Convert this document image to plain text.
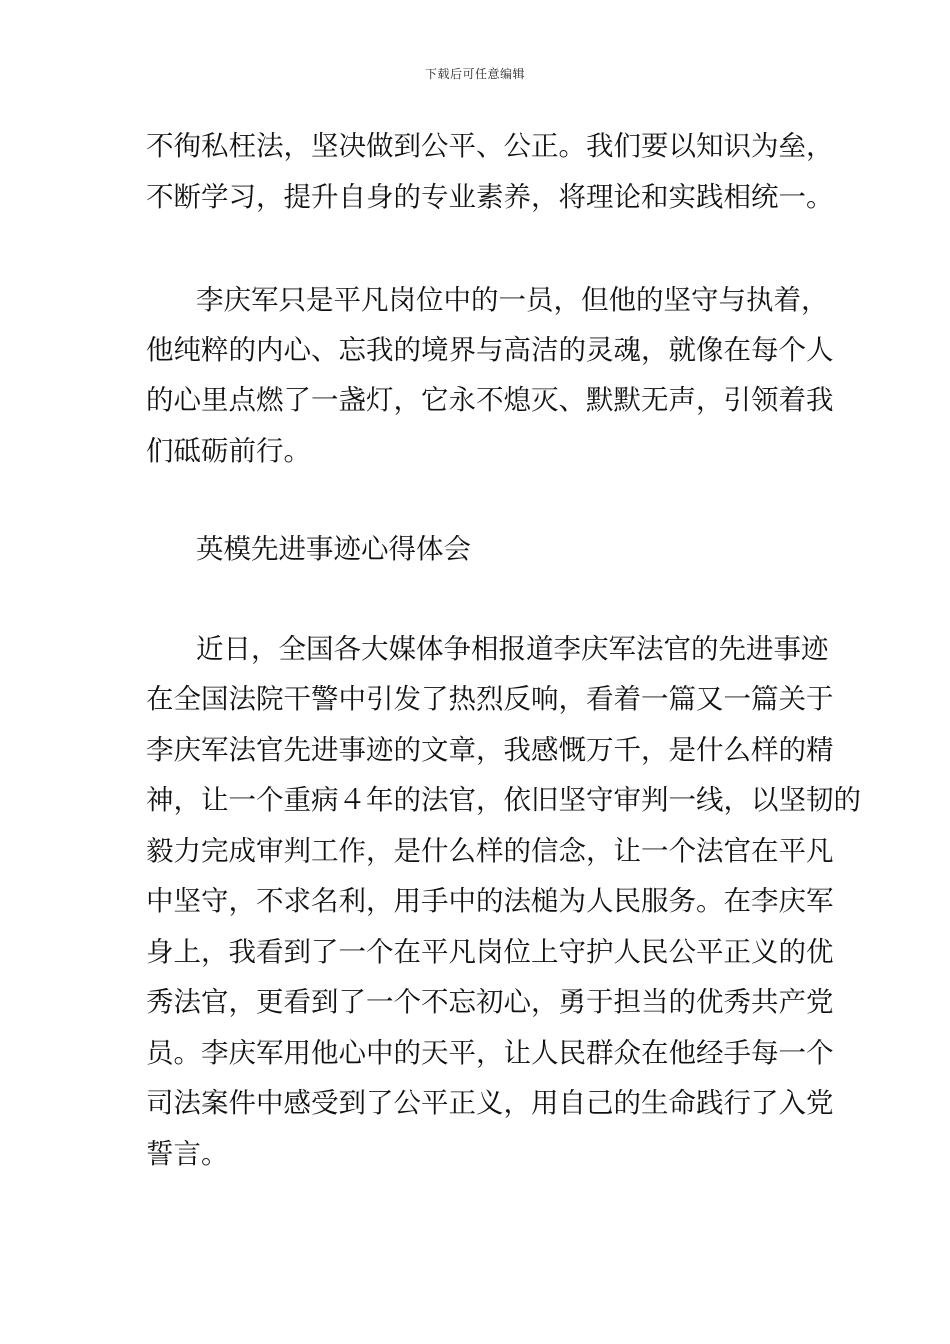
下载后可任意编辑
不徇私枉法，坚决做到公平、公正。我们要以知识为垒，
不断学习，提升自身的专业素养，将理论和实践相统一。
李庆军只是平凡岗位中的一员，但他的坚守与执着，
他纯粹的内心、忘我的境界与高洁的灵魂，就像在每个人
的心里点燃了一盏灯，它永不熄灭、默默无声，引领着我
们砥砺前行。
英模先进事迹心得体会
近日，全国各大媒体争相报道李庆军法官的先进事迹
在全国法院干警中引发了热烈反响，看着一篇又一篇关于
李庆军法官先进事迹的文章，我感慨万千，是什么样的精
神，让一个重病４年的法官，依旧坚守审判一线，以坚韧的
毅力完成审判工作，是什么样的信念，让一个法官在平凡
中坚守，不求名利，用手中的法槌为人民服务。在李庆军
身上，我看到了一个在平凡岗位上守护人民公平正义的优
秀法官，更看到了一个不忘初心，勇于担当的优秀共产党
员。李庆军用他心中的天平，让人民群众在他经手每一个
司法案件中感受到了公平正义，用自己的生命践行了入党
誓言。
